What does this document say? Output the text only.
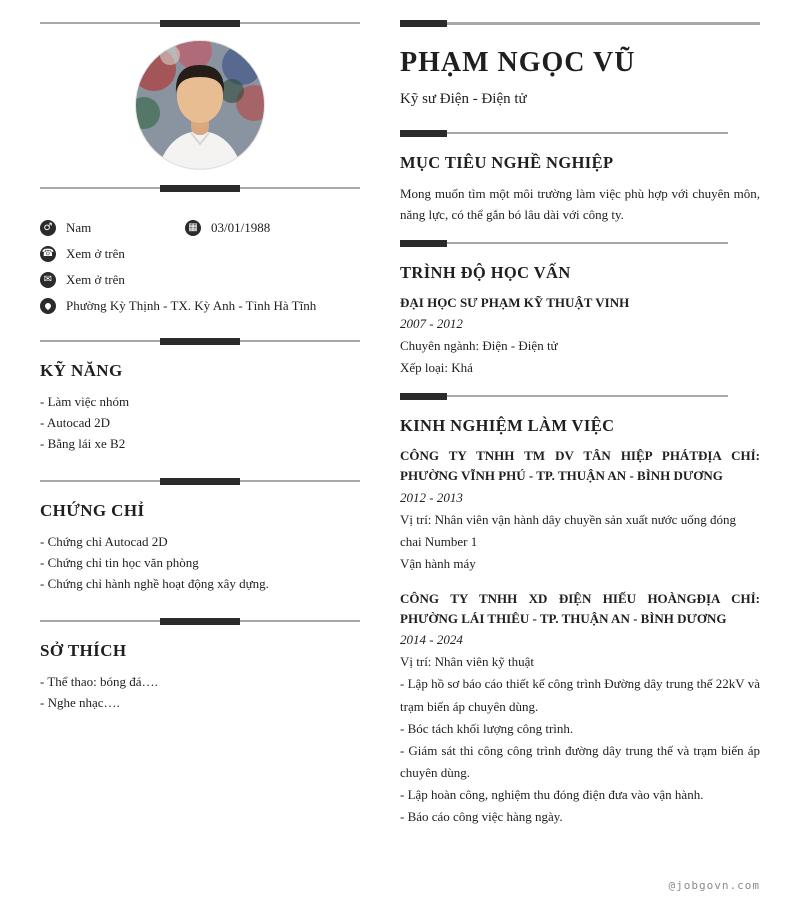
♂ Nam	▦ 03/01/1988
☎ Xem ở trên
✉ Xem ở trên
Phường Kỳ Thịnh - TX. Kỳ Anh - Tỉnh Hà Tĩnh
KỸ NĂNG
- Làm việc nhóm
- Autocad 2D
- Bằng lái xe B2
CHỨNG CHỈ
- Chứng chỉ Autocad 2D
- Chứng chỉ tin học văn phòng
- Chứng chỉ hành nghề hoạt động xây dựng.
SỞ THÍCH
- Thể thao: bóng đá….
- Nghe nhạc….
PHẠM NGỌC VŨ
Kỹ sư Điện - Điện tử
MỤC TIÊU NGHỀ NGHIỆP

Mong muốn tìm một môi trường làm việc phù hợp với chuyên môn, năng lực, có thể gắn bó lâu dài với công ty.

TRÌNH ĐỘ HỌC VẤN
ĐẠI HỌC SƯ PHẠM KỸ THUẬT VINH
2007 - 2012
Chuyên ngành: Điện - Điện tử
Xếp loại: Khá
KINH NGHIỆM LÀM VIỆC
CÔNG TY TNHH TM DV TÂN HIỆP PHÁTĐỊA CHỈ: PHƯỜNG VĨNH PHÚ - TP. THUẬN AN - BÌNH DƯƠNG
2012 - 2013
Vị trí: Nhân viên vận hành dây chuyền sản xuất nước uống đóng chai Number 1
Vận hành máy
CÔNG TY TNHH XD ĐIỆN HIẾU HOÀNGĐỊA CHỈ: PHƯỜNG LÁI THIÊU - TP. THUẬN AN - BÌNH DƯƠNG
2014 - 2024
Vị trí: Nhân viên kỹ thuật
- Lập hồ sơ báo cáo thiết kế công trình Đường dây trung thế 22kV và trạm biến áp chuyên dùng.
- Bóc tách khối lượng công trình.
- Giám sát thi công công trình đường dây trung thế và trạm biến áp chuyên dùng.
- Lập hoàn công, nghiệm thu đóng điện đưa vào vận hành.
- Báo cáo công việc hàng ngày.
@jobgovn.com
